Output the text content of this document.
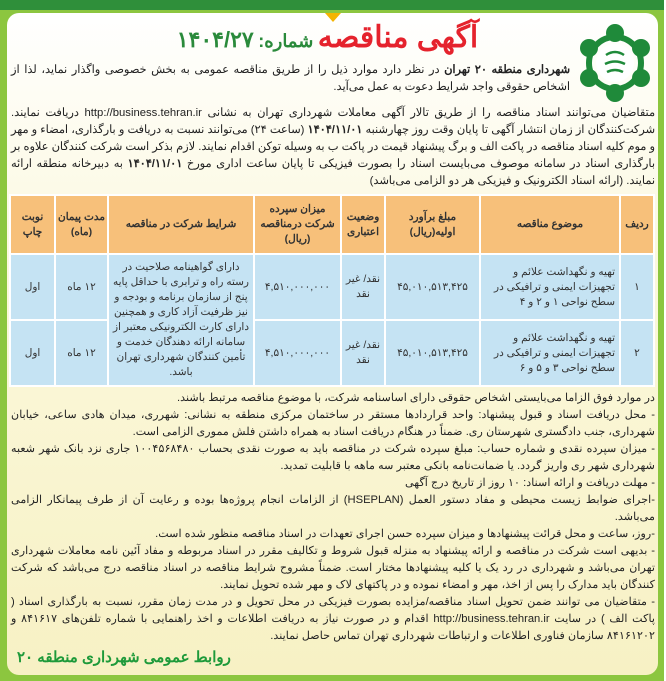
آگهی مناقصه شماره: ۱۴۰۴/۲۷
شهرداری منطقه ۲۰ تهران در نظر دارد موارد ذیل را از طریق مناقصه عمومی به بخش خصوصی واگذار نماید، لذا از اشخاص حقوقی واجد شرایط دعوت به عمل می‌آید.
متقاضیان می‌توانند اسناد مناقصه را از طریق تالار آگهی معاملات شهرداری تهران به نشانی http://business.tehran.ir دریافت نمایند. شرکت‌کنندگان از زمان انتشار آگهی تا پایان وقت روز چهارشنبه ۱۴۰۴/۱۱/۰۱ (ساعت ۲۴) می‌توانند نسبت به دریافت و بارگذاری، امضاء و مهر و موم کلیه اسناد مناقصه در پاکت الف و برگ پیشنهاد قیمت در پاکت ب به وسیله توکن اقدام نمایند. لازم بذکر است شرکت کنندگان علاوه بر بارگذاری اسناد در سامانه موصوف می‌بایست اسناد را بصورت فیزیکی تا پایان ساعت اداری مورخ ۱۴۰۴/۱۱/۰۱ به دبیرخانه منطقه ارائه نمایند. (ارائه اسناد الکترونیک و فیزیکی هر دو الزامی می‌باشد)
ردیف	موضوع مناقصه	مبلغ برآورد اولیه(ریال)	وضعیت اعتباری	میزان سپرده شرکت درمناقصه (ریال)	شرایط شرکت در مناقصه	مدت پیمان (ماه)	نوبت چاپ
۱	تهیه و نگهداشت علائم و تجهیزات ایمنی و ترافیکی در سطح نواحی ۱ و ۲ و ۴	۴۵,۰۱۰,۵۱۳,۴۲۵	نقد/ غیر نقد	۴,۵۱۰,۰۰۰,۰۰۰	دارای گواهینامه صلاحیت در رسته راه و ترابری با حداقل پایه پنج از سازمان برنامه و بودجه و نیز ظرفیت آزاد کاری و همچنین دارای کارت الکترونیکی معتبر از سامانه ارائه دهندگان خدمت و تأمین کنندگان شهرداری تهران باشد.	۱۲ ماه	اول
۲	تهیه و نگهداشت علائم و تجهیزات ایمنی و ترافیکی در سطح نواحی ۳ و ۵ و ۶	۴۵,۰۱۰,۵۱۳,۴۲۵	نقد/ غیر نقد	۴,۵۱۰,۰۰۰,۰۰۰		۱۲ ماه	اول
در موارد فوق الزاما می‌بایستی اشخاص حقوقی دارای اساسنامه شرکت، با موضوع مناقصه مرتبط باشند.
- محل دریافت اسناد و قبول پیشنهاد: واحد قراردادها مستقر در ساختمان مرکزی منطقه به نشانی: شهرری، میدان هادی ساعی، خیابان شهرداری، جنب دادگستری شهرستان ری. ضمناً در هنگام دریافت اسناد به همراه داشتن فلش مموری الزامی است.
- میزان سپرده نقدی و شماره حساب: مبلغ سپرده شرکت در مناقصه باید به صورت نقدی بحساب ۱۰۰۴۵۶۸۴۸۰ جاری نزد بانک شهر شعبه شهرداری شهر ری واریز گردد. یا ضمانت‌نامه بانکی معتبر سه ماهه با قابلیت تمدید.
- مهلت دریافت و ارائه اسناد: ۱۰ روز از تاریخ درج آگهی
-اجرای ضوابط زیست محیطی و مفاد دستور العمل (HSEPLAN) از الزامات انجام پروژه‌ها بوده و رعایت آن از طرف پیمانکار الزامی می‌باشد.
-روز، ساعت و محل قرائت پیشنهادها و میزان سپرده حسن اجرای تعهدات در اسناد مناقصه منظور شده است.
- بدیهی است شرکت در مناقصه و ارائه پیشنهاد به منزله قبول شروط و تکالیف مقرر در اسناد مربوطه و مفاد آئین نامه معاملات شهرداری تهران می‌باشد و شهرداری در رد یک یا کلیه پیشنهادها مختار است. ضمناً مشروح شرایط مناقصه در اسناد مناقصه درج می‌باشد که شرکت کنندگان باید مدارک را پس از اخذ، مهر و امضاء نموده و در پاکتهای لاک و مهر شده تحویل نمایند.
- متقاضیان می توانند ضمن تحویل اسناد مناقصه/مزایده بصورت فیزیکی در محل تحویل و در مدت زمان مقرر، نسبت به بارگذاری اسناد ( پاکت الف ) در سایت http://business.tehran.ir اقدام و در صورت نیاز به دریافت اطلاعات و اخذ راهنمایی با شماره تلفن‌های ۸۴۱۶۱۷ و ۸۴۱۶۱۲۰۲ سازمان فناوری اطلاعات و ارتباطات شهرداری تهران تماس حاصل نمایند.
روابط عمومی شهرداری منطقه ۲۰
